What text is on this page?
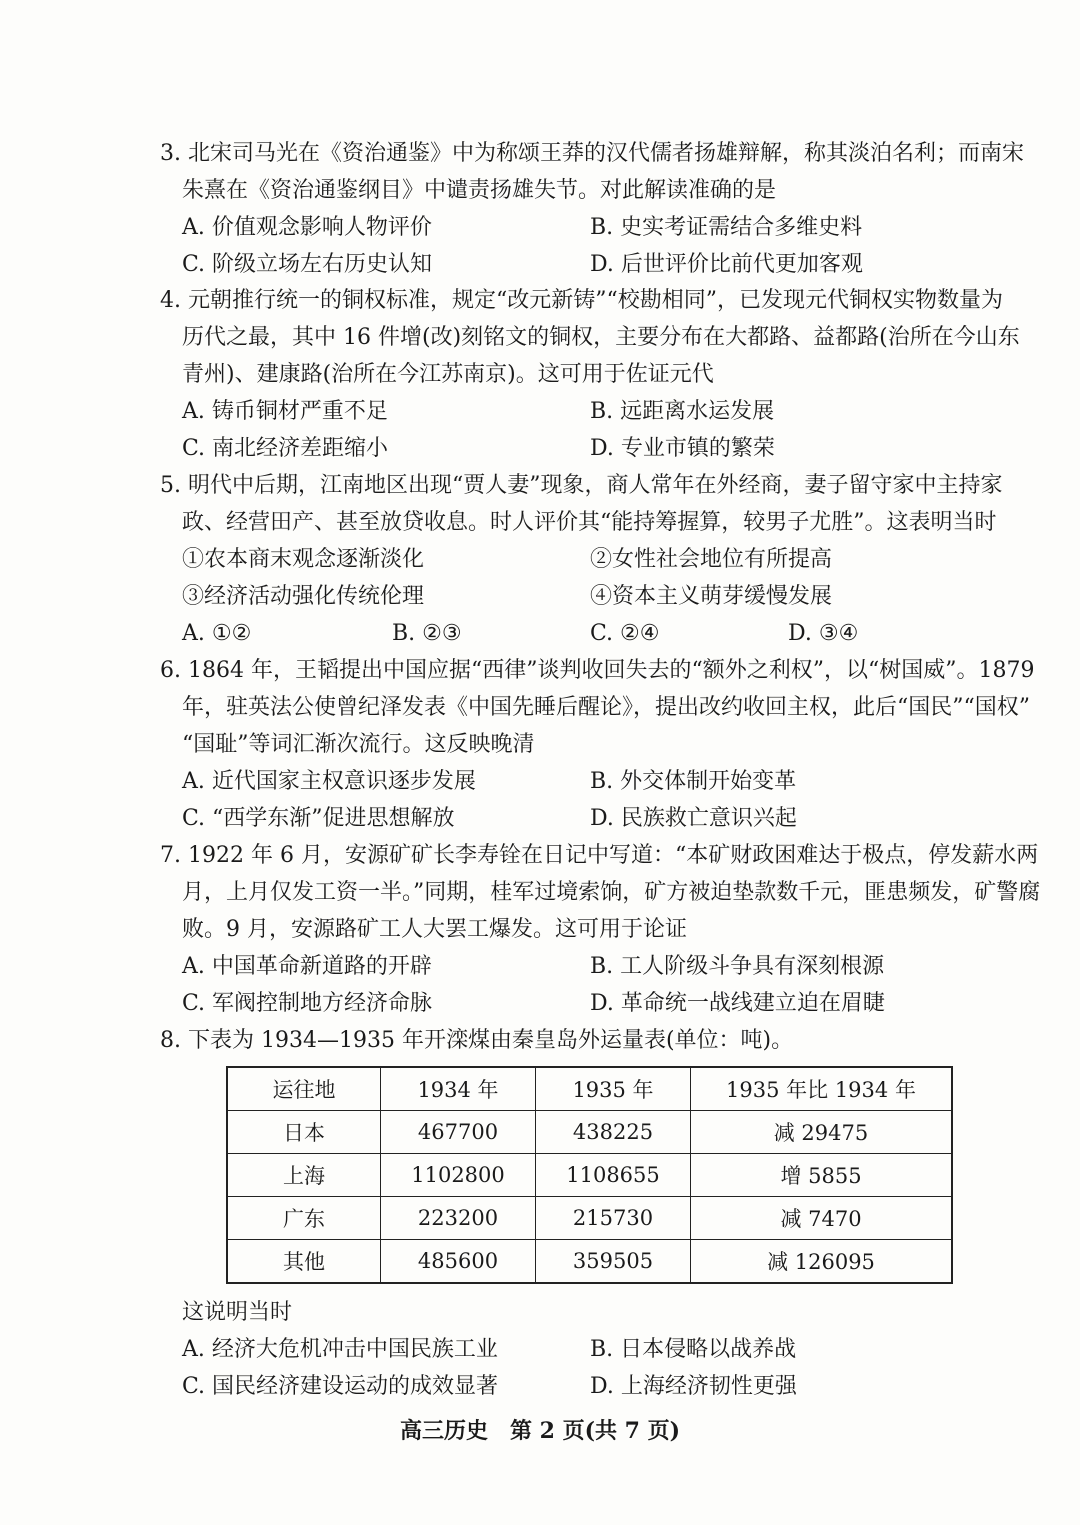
3. 北宋司马光在《资治通鉴》中为称颂王莽的汉代儒者扬雄辩解，称其淡泊名利；而南宋
朱熹在《资治通鉴纲目》中谴责扬雄失节。对此解读准确的是
A. 价值观念影响人物评价	B. 史实考证需结合多维史料
C. 阶级立场左右历史认知	D. 后世评价比前代更加客观
4. 元朝推行统一的铜权标准，规定“改元新铸”“校勘相同”，已发现元代铜权实物数量为
历代之最，其中 16 件增(改)刻铭文的铜权，主要分布在大都路、益都路(治所在今山东
青州)、建康路(治所在今江苏南京)。这可用于佐证元代
A. 铸币铜材严重不足	B. 远距离水运发展
C. 南北经济差距缩小	D. 专业市镇的繁荣
5. 明代中后期，江南地区出现“贾人妻”现象，商人常年在外经商，妻子留守家中主持家
政、经营田产、甚至放贷收息。时人评价其“能持筹握算，较男子尤胜”。这表明当时
①农本商末观念逐渐淡化	②女性社会地位有所提高
③经济活动强化传统伦理	④资本主义萌芽缓慢发展
A. ①②	B. ②③	C. ②④	D. ③④
6. 1864 年，王韬提出中国应据“西律”谈判收回失去的“额外之利权”，以“树国威”。1879
年，驻英法公使曾纪泽发表《中国先睡后醒论》，提出改约收回主权，此后“国民”“国权”
“国耻”等词汇渐次流行。这反映晚清
A. 近代国家主权意识逐步发展	B. 外交体制开始变革
C. “西学东渐”促进思想解放	D. 民族救亡意识兴起
7. 1922 年 6 月，安源矿矿长李寿铨在日记中写道：“本矿财政困难达于极点，停发薪水两
月，上月仅发工资一半。”同期，桂军过境索饷，矿方被迫垫款数千元，匪患频发，矿警腐
败。9 月，安源路矿工人大罢工爆发。这可用于论证
A. 中国革命新道路的开辟	B. 工人阶级斗争具有深刻根源
C. 军阀控制地方经济命脉	D. 革命统一战线建立迫在眉睫
8. 下表为 1934—1935 年开滦煤由秦皇岛外运量表(单位：吨)。
运往地	1934 年	1935 年	1935 年比 1934 年
日本	467700	438225	减 29475
上海	1102800	1108655	增 5855
广东	223200	215730	减 7470
其他	485600	359505	减 126095
这说明当时
A. 经济大危机冲击中国民族工业	B. 日本侵略以战养战
C. 国民经济建设运动的成效显著	D. 上海经济韧性更强
高三历史　第 2 页(共 7 页)
